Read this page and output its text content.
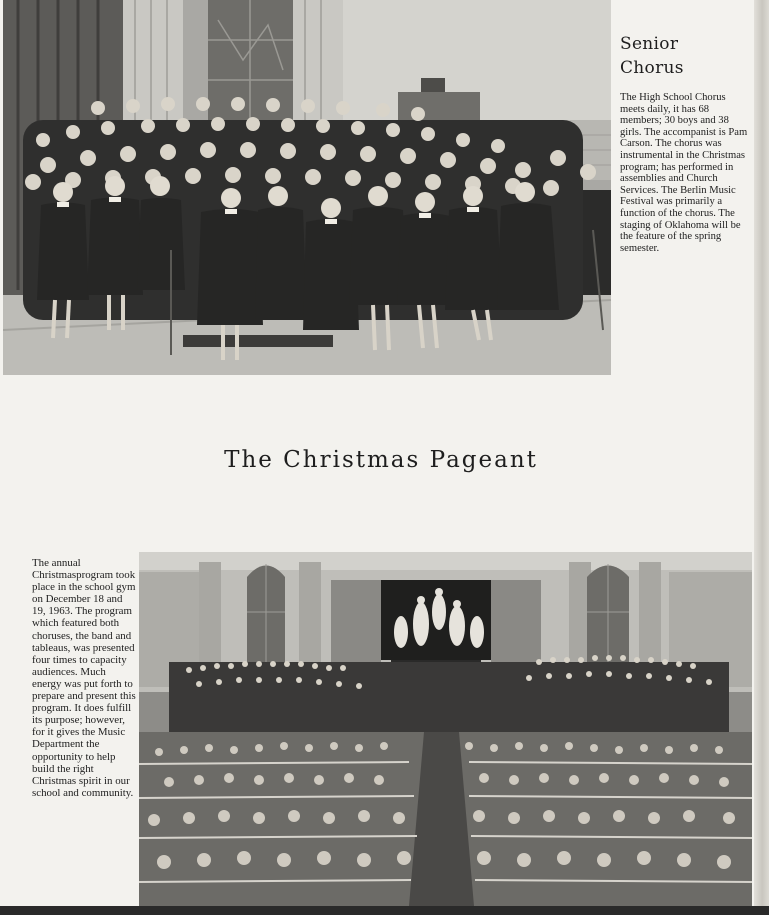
Senior
Chorus

The High School Chorus meets daily, it has 68 members; 30 boys and 38 girls. The accompanist is Pam Carson. The chorus was instrumental in the Christmas program; has performed in assemblies and Church Services. The Berlin Music Festival was primarily a function of the chorus. The staging of Oklahoma will be the feature of the spring semester.

The Christmas Pageant

The annual Christmasprogram took place in the school gym on December 18 and 19, 1963. The program which featured both choruses, the band and tableaus, was presented four times to capacity audiences. Much energy was put forth to prepare and present this program. It does fulfill its purpose; however, for it gives the Music Department the opportunity to help build the right Christmas spirit in our school and community.
